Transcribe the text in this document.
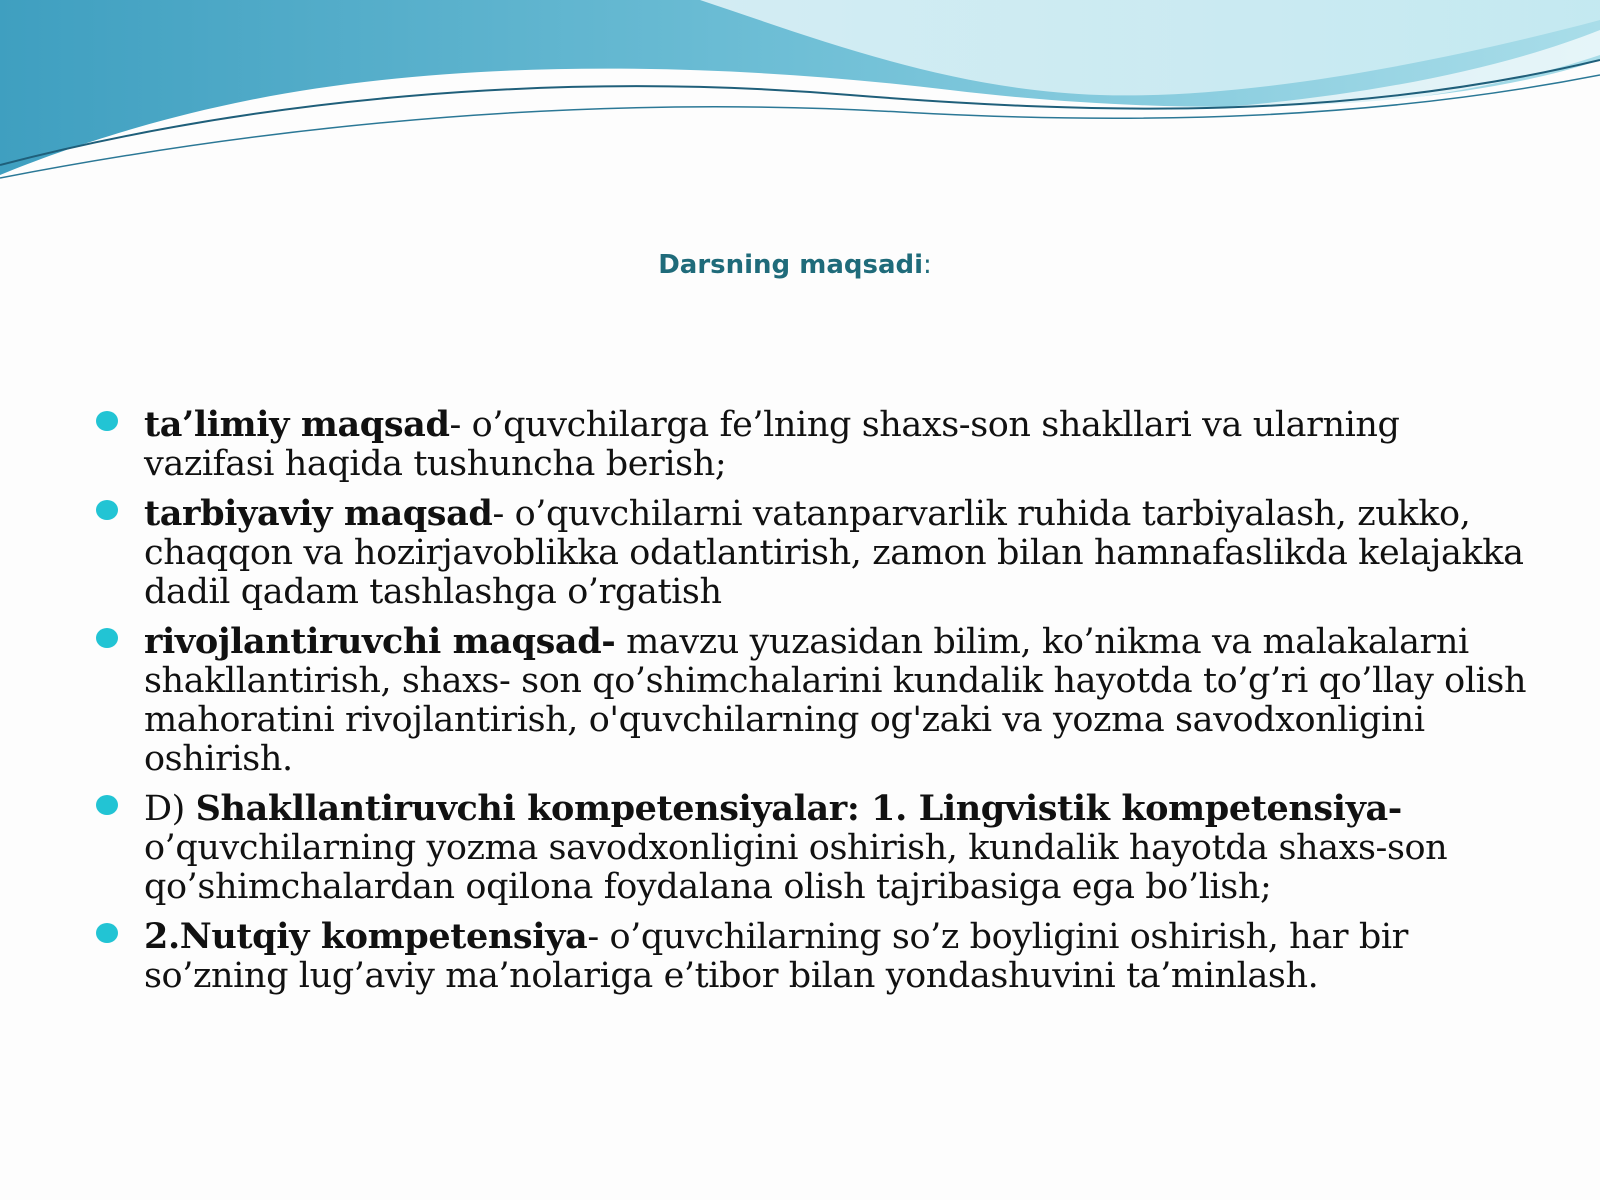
Darsning maqsadi:
ta’limiy maqsad- o’quvchilarga fe’lning shaxs-son shakllari va ularning vazifasi haqida tushuncha berish;
tarbiyaviy maqsad- o’quvchilarni vatanparvarlik ruhida tarbiyalash, zukko, chaqqon va hozirjavoblikka odatlantirish, zamon bilan hamnafaslikda kelajakka dadil qadam tashlashga o’rgatish
rivojlantiruvchi maqsad- mavzu yuzasidan bilim, ko’nikma va malakalarni shakllantirish, shaxs- son qo’shimchalarini kundalik hayotda to’g’ri qo’llay olish mahoratini rivojlantirish, o'quvchilarning og'zaki va yozma savodxonligini oshirish.
D) Shakllantiruvchi kompetensiyalar: 1. Lingvistik kompetensiya- o’quvchilarning yozma savodxonligini oshirish, kundalik hayotda shaxs-son qo’shimchalardan oqilona foydalana olish tajribasiga ega bo’lish;
2.Nutqiy kompetensiya- o’quvchilarning so’z boyligini oshirish, har bir so’zning lug’aviy ma’nolariga e’tibor bilan yondashuvini ta’minlash.
